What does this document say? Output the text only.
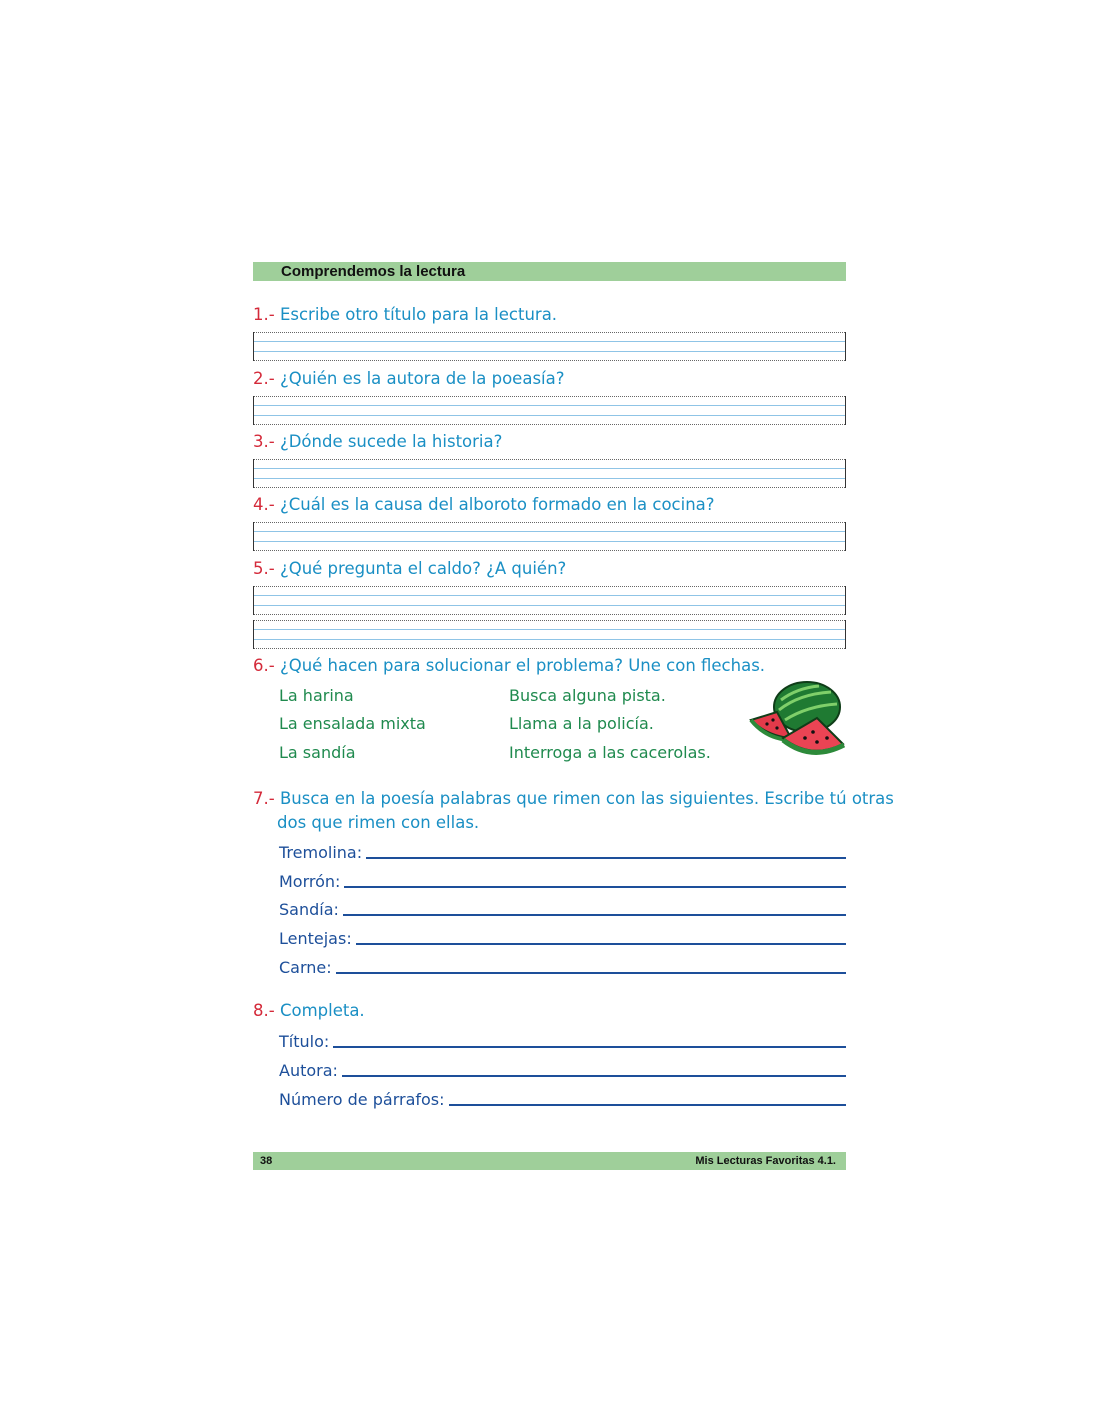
Comprendemos la lectura
1.- Escribe otro título para la lectura.
2.- ¿Quién es la autora de la poeasía?
3.- ¿Dónde sucede la historia?
4.- ¿Cuál es la causa del alboroto formado en la cocina?
5.- ¿Qué pregunta el caldo? ¿A quién?
6.- ¿Qué hacen para solucionar el problema? Une con flechas.
La harina
La ensalada mixta
La sandía
Busca alguna pista.
Llama a la policía.
Interroga a las cacerolas.
7.- Busca en la poesía palabras que rimen con las siguientes. Escribe tú otras
dos que rimen con ellas.
Tremolina:
Morrón:
Sandía:
Lentejas:
Carne:
8.- Completa.
Título:
Autora:
Número de párrafos:
38	Mis Lecturas Favoritas 4.1.
